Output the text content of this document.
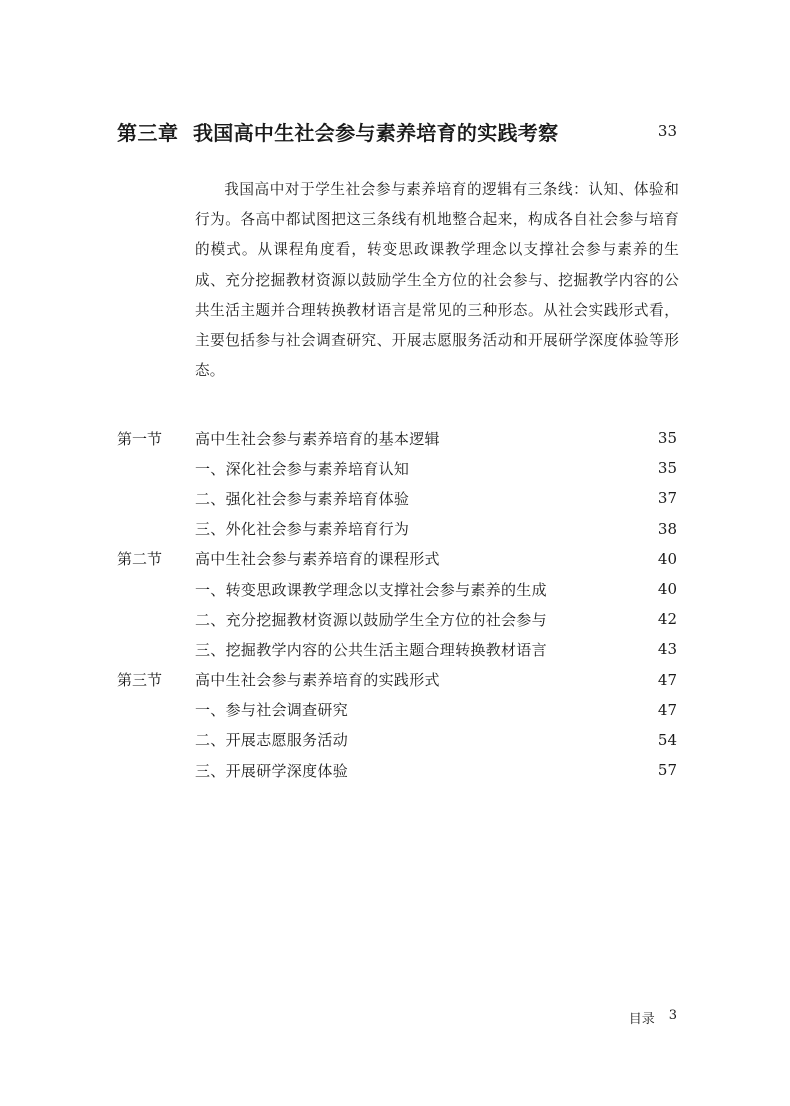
第三章 我国高中生社会参与素养培育的实践考察	33

我国高中对于学生社会参与素养培育的逻辑有三条线：认知、体验和行为。各高中都试图把这三条线有机地整合起来，构成各自社会参与培育的模式。从课程角度看，转变思政课教学理念以支撑社会参与素养的生成、充分挖掘教材资源以鼓励学生全方位的社会参与、挖掘教学内容的公共生活主题并合理转换教材语言是常见的三种形态。从社会实践形式看，主要包括参与社会调查研究、开展志愿服务活动和开展研学深度体验等形态。

第一节	高中生社会参与素养培育的基本逻辑	35
一、深化社会参与素养培育认知	35
二、强化社会参与素养培育体验	37
三、外化社会参与素养培育行为	38
第二节	高中生社会参与素养培育的课程形式	40
一、转变思政课教学理念以支撑社会参与素养的生成	40
二、充分挖掘教材资源以鼓励学生全方位的社会参与	42
三、挖掘教学内容的公共生活主题合理转换教材语言	43
第三节	高中生社会参与素养培育的实践形式	47
一、参与社会调查研究	47
二、开展志愿服务活动	54
三、开展研学深度体验	57
目录 3
